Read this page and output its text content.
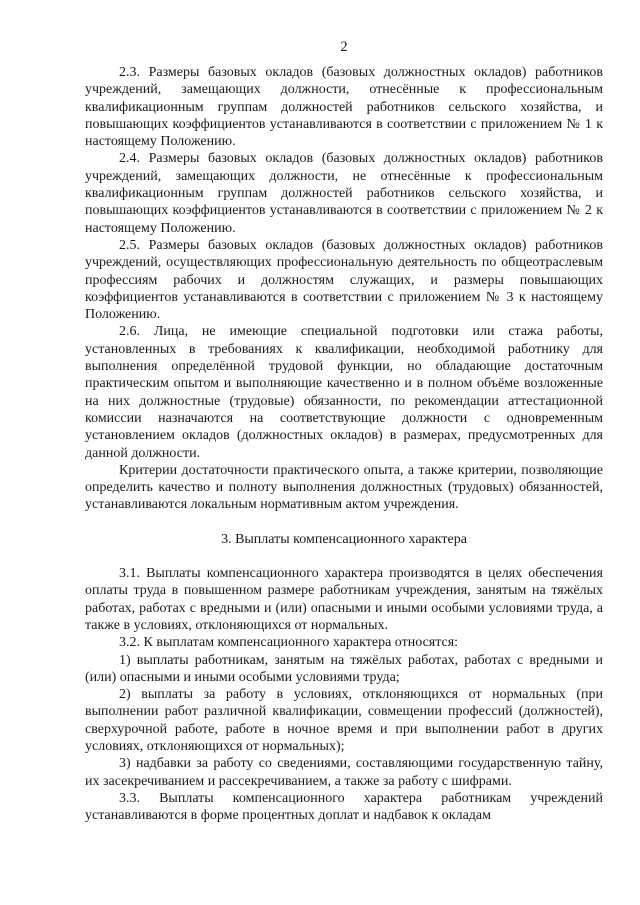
2

2.3. Размеры базовых окладов (базовых должностных окладов) работников учреждений, замещающих должности, отнесённые к профессиональным квалификационным группам должностей работников сельского хозяйства, и повышающих коэффициентов устанавливаются в соответствии с приложением № 1 к настоящему Положению.

2.4. Размеры базовых окладов (базовых должностных окладов) работников учреждений, замещающих должности, не отнесённые к профессиональным квалификационным группам должностей работников сельского хозяйства, и повышающих коэффициентов устанавливаются в соответствии с приложением № 2 к настоящему Положению.

2.5. Размеры базовых окладов (базовых должностных окладов) работников учреждений, осуществляющих профессиональную деятельность по общеотраслевым профессиям рабочих и должностям служащих, и размеры повышающих коэффициентов устанавливаются в соответствии с приложением № 3 к настоящему Положению.

2.6. Лица, не имеющие специальной подготовки или стажа работы, установленных в требованиях к квалификации, необходимой работнику для выполнения определённой трудовой функции, но обладающие достаточным практическим опытом и выполняющие качественно и в полном объёме возложенные на них должностные (трудовые) обязанности, по рекомендации аттестационной комиссии назначаются на соответствующие должности с одновременным установлением окладов (должностных окладов) в размерах, предусмотренных для данной должности.

Критерии достаточности практического опыта, а также критерии, позволяющие определить качество и полноту выполнения должностных (трудовых) обязанностей, устанавливаются локальным нормативным актом учреждения.

3. Выплаты компенсационного характера

3.1. Выплаты компенсационного характера производятся в целях обеспечения оплаты труда в повышенном размере работникам учреждения, занятым на тяжёлых работах, работах с вредными и (или) опасными и иными особыми условиями труда, а также в условиях, отклоняющихся от нормальных.

3.2. К выплатам компенсационного характера относятся:

1) выплаты работникам, занятым на тяжёлых работах, работах с вредными и (или) опасными и иными особыми условиями труда;

2) выплаты за работу в условиях, отклоняющихся от нормальных (при выполнении работ различной квалификации, совмещении профессий (должностей), сверхурочной работе, работе в ночное время и при выполнении работ в других условиях, отклоняющихся от нормальных);

3) надбавки за работу со сведениями, составляющими государственную тайну, их засекречиванием и рассекречиванием, а также за работу с шифрами.

3.3. Выплаты компенсационного характера работникам учреждений устанавливаются в форме процентных доплат и надбавок к окладам
